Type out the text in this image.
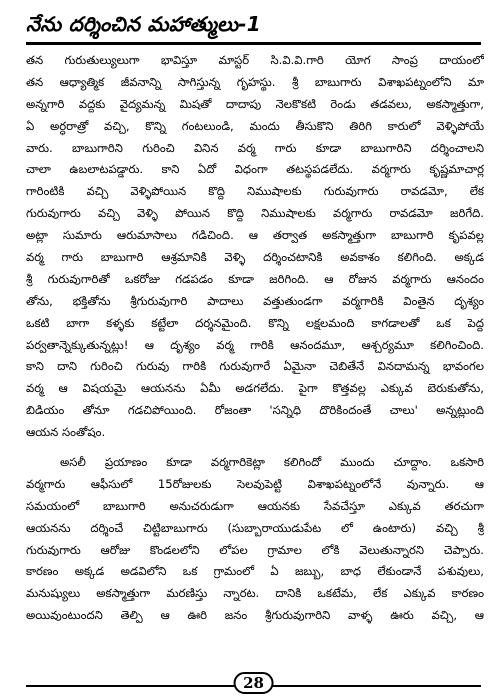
నేను దర్శించిన మహాత్ములు-1
తన గురుతుల్యులుగా భావిస్తూ మాస్టర్ సి.వి.వి.గారి యోగ సాంప్ర దాయంలో
తన ఆధ్యాత్మిక జీవనాన్ని సాగిస్తున్న గృహస్థు. శ్రీ బాబుగారు విశాఖపట్నంలోని మా
అన్నగారి వద్దకు వైద్యమన్న మిషతో దాదాపు నెలకొకటి రెండు తడవలు, అకస్మాత్తుగా,
ఏ అర్ధరాత్రో వచ్చి, కొన్ని గంటలుండి, మందు తీసుకొని తిరిగి కారులో వెళ్ళిపోయే
వారు. బాబుగారిని గురించి వినిన వర్మ గారు కూడా బాబుగారిని దర్శించాలని
చాలా ఉబలాటపడ్డారు. కాని ఏదో విధంగా తటస్థపడలేదు. వర్మగారు కృష్ణమాచార్ల
గారింటికి వచ్చి వెళ్ళిపోయిన కొద్ది నిముషాలకు గురువుగారు రావడమో, లేక
గురువుగారు వచ్చి వెళ్ళి పోయిన కొద్ది నిముషాలకు వర్మగారు రావడమో జరిగేది.
అట్లా సుమారు ఆరుమాసాలు గడిచింది. ఆ తర్వాత అకస్మాత్తుగా బాబుగారి కృపవల్ల
వర్మ గారు బాబుగారి ఆశ్రమానికి వెళ్ళి దర్శించటానికి అవకాశం కలిగింది. అక్కడ
శ్రీ గురువుగారితో ఒకరోజు గడపడం కూడా జరిగింది. ఆ రోజున వర్మగారు ఆనందం
తోను, భక్తితోను శ్రీగురువుగారి పాదాలు వత్తుతుండగా వర్మగారికి వింతైన దృశ్యం
ఒకటి బాగా కళ్ళకు కట్టేలా దర్శనమైంది. కొన్ని లక్షలమంది కాగడాలతో ఒక పెద్ద
పర్వతాన్నెక్కుతున్నట్లు! ఆ దృశ్యం వర్మ గారికి ఆనందమూ, ఆశ్చర్యమూ కలిగించింది.
కాని దాని గురించి గురువు గారికి గురువుగారే ఏమైనా చెబితేనే వినదామన్న భావంగల
వర్మ ఆ విషయమై ఆయనను ఏమీ అడగలేదు. పైగా కొత్తవల్ల ఎక్కువ బెరుకుతోను,
బిడియం తోనూ గడచిపోయింది. రోజంతా 'సన్నిధి దొరికిందంతే చాలు' అన్నట్లుంది
ఆయన సంతోషం.
అసలీ ప్రయాణం కూడా వర్మగారికెట్లా కలిగిందో ముందు చూద్దాం. ఒకసారి
వర్మగారు ఆఫీసులో 15రోజులకు సెలవుపెట్టి విశాఖపట్నంలోనే వున్నారు. ఆ
సమయంలో బాబుగారి అనుచరుడుగా ఆయనకు సేవచేస్తూ ఎక్కువ తరచుగా
ఆయనను దర్శించే చిట్టిబాబుగారు (సుబ్బారాయుడుపేట లో ఉంటారు) వచ్చి శ్రీ
గురువుగారు ఆరోజు కొండలలోని లోపల గ్రామాల లోకి వెలుతున్నారని చెప్పారు.
కారణం అక్కడ అడవిలోని ఒక గ్రామంలో ఏ జబ్బు, బాధ లేకుండానే పశువులు,
మనుష్యులు అకస్మాత్తుగా మరణిస్తు న్నారట. దానికి ఒకటేమ, లేక ఎక్కువ కారణం
అయివుంటుందని తెల్పి ఆ ఊరి జనం శ్రీగురువుగారిని వాళ్ళ ఊరు వచ్చి, ఆ
28
